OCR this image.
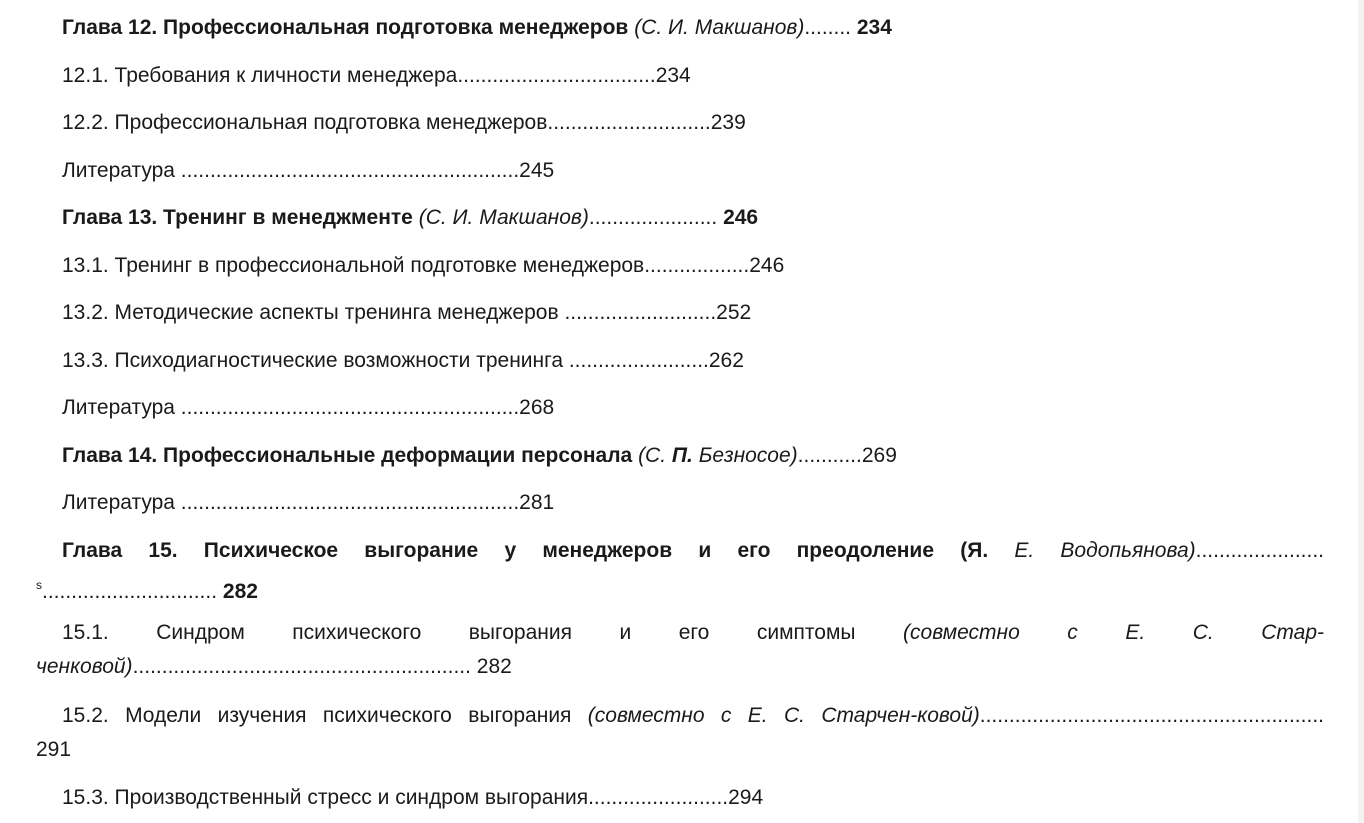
Глава 12. Профессиональная подготовка менеджеров (С. И. Макшанов)........ 234
12.1. Требования к личности менеджера..................................234
12.2. Профессиональная подготовка менеджеров............................239
Литература ..........................................................245
Глава 13. Тренинг в менеджменте (С. И. Макшанов)...................... 246
13.1. Тренинг в профессиональной подготовке менеджеров..................246
13.2. Методические аспекты тренинга менеджеров ..........................252
13.3. Психодиагностические возможности тренинга ........................262
Литература ..........................................................268
Глава 14. Профессиональные деформации персонала (С. П. Безносое)...........269
Литература ..........................................................281
Глава 15. Психическое выгорание у менеджеров и его преодоление (Я. Е. Водопьянова)......................
$^s$.............................. 282
15.1. Синдром психического выгорания и его симптомы (совместно с Е. С. Стар-
ченковой).......................................................... 282
15.2. Модели изучения психического выгорания (совместно с Е. С. Старчен-ковой)...........................................................
291
15.3. Производственный стресс и синдром выгорания........................294
